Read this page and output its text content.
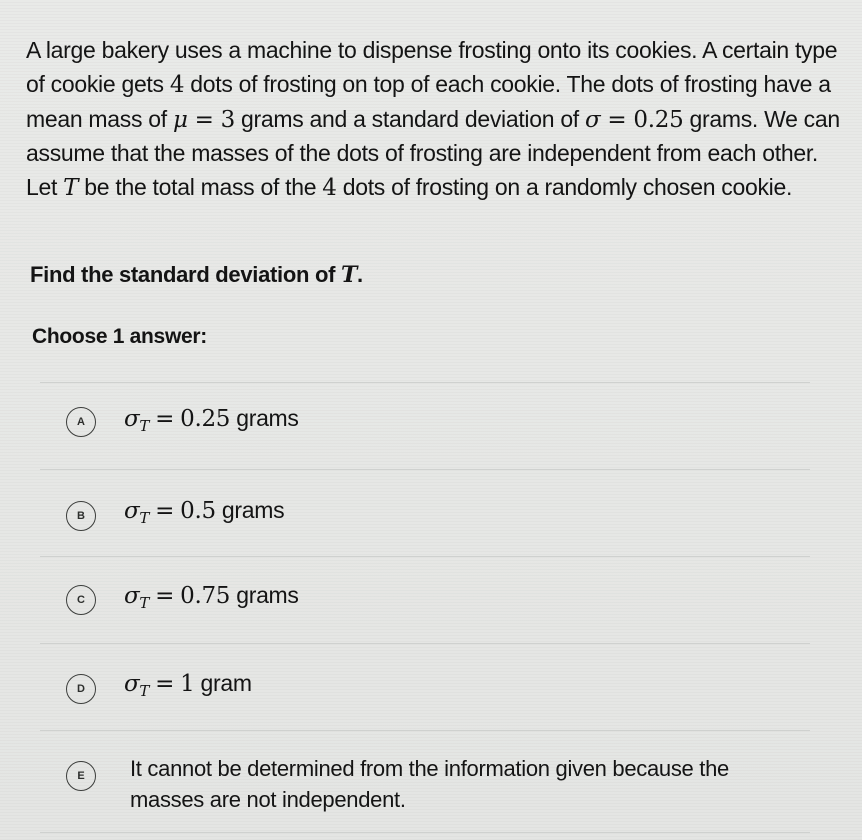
A large bakery uses a machine to dispense frosting onto its cookies. A certain type of cookie gets 4 dots of frosting on top of each cookie. The dots of frosting have a mean mass of μ = 3 grams and a standard deviation of σ = 0.25 grams. We can assume that the masses of the dots of frosting are independent from each other. Let T be the total mass of the 4 dots of frosting on a randomly chosen cookie.
Find the standard deviation of T.
Choose 1 answer:
A	$\sigma_T = 0.25$ grams
B	$\sigma_T = 0.5$ grams
C	$\sigma_T = 0.75$ grams
D	$\sigma_T = 1$ gram
E	It cannot be determined from the information given because the masses are not independent.
